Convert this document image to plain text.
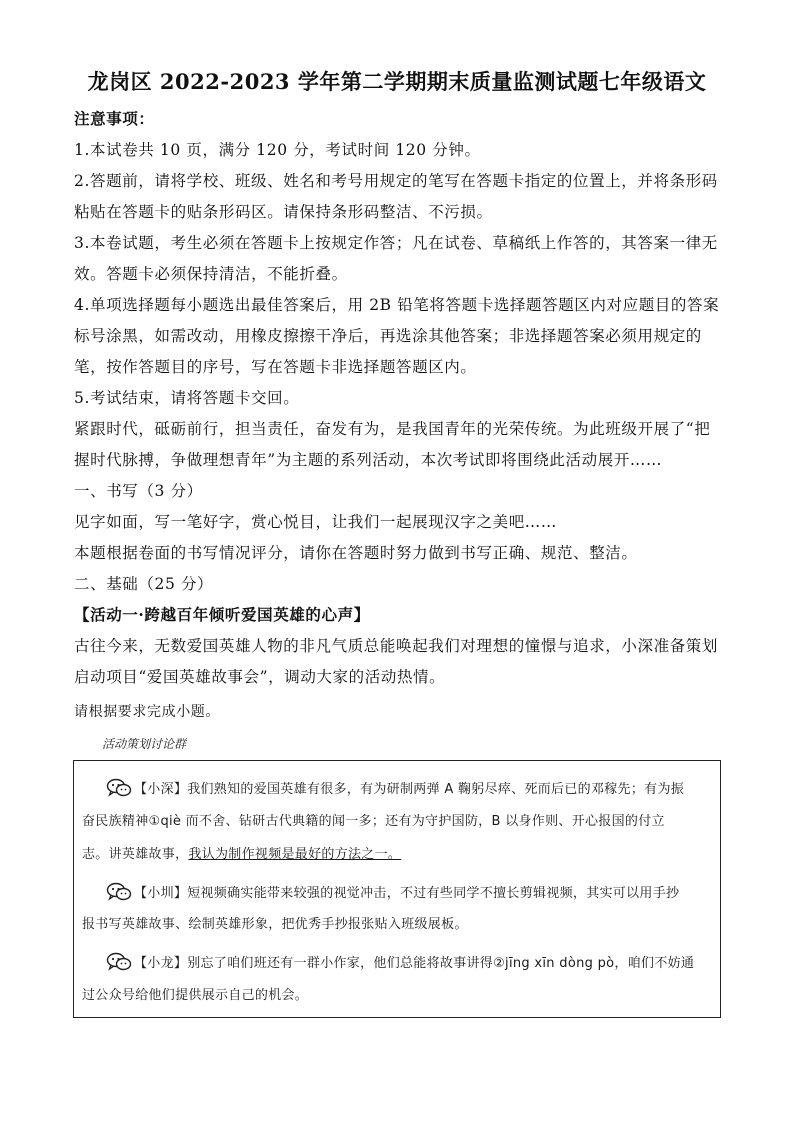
龙岗区 2022-2023 学年第二学期期末质量监测试题七年级语文
注意事项：
1.本试卷共 10 页，满分 120 分，考试时间 120 分钟。
2.答题前，请将学校、班级、姓名和考号用规定的笔写在答题卡指定的位置上，并将条形码
粘贴在答题卡的贴条形码区。请保持条形码整洁、不污损。
3.本卷试题，考生必须在答题卡上按规定作答；凡在试卷、草稿纸上作答的，其答案一律无
效。答题卡必须保持清洁，不能折叠。
4.单项选择题每小题选出最佳答案后，用 2B 铅笔将答题卡选择题答题区内对应题目的答案
标号涂黑，如需改动，用橡皮擦擦干净后，再选涂其他答案；非选择题答案必须用规定的
笔，按作答题目的序号，写在答题卡非选择题答题区内。
5.考试结束，请将答题卡交回。
紧跟时代，砥砺前行，担当责任，奋发有为，是我国青年的光荣传统。为此班级开展了“把
握时代脉搏，争做理想青年”为主题的系列活动，本次考试即将围绕此活动展开……
一、书写（3 分）
见字如面，写一笔好字，赏心悦目，让我们一起展现汉字之美吧……
本题根据卷面的书写情况评分，请你在答题时努力做到书写正确、规范、整洁。
二、基础（25 分）
【活动一·跨越百年倾听爱国英雄的心声】
古往今来，无数爱国英雄人物的非凡气质总能唤起我们对理想的憧憬与追求，小深准备策划
启动项目“爱国英雄故事会”，调动大家的活动热情。
请根据要求完成小题。
活动策划讨论群
【小深】我们熟知的爱国英雄有很多，有为研制两弹 A 鞠躬尽瘁、死而后已的邓稼先；有为振
奋民族精神①qiè 而不舍、钻研古代典籍的闻一多；还有为守护国防，B 以身作则、开心报国的付立
志。讲英雄故事，我认为制作视频是最好的方法之一。
【小圳】短视频确实能带来较强的视觉冲击，不过有些同学不擅长剪辑视频，其实可以用手抄
报书写英雄故事、绘制英雄形象，把优秀手抄报张贴入班级展板。
【小龙】别忘了咱们班还有一群小作家，他们总能将故事讲得②jīng xīn dòng pò，咱们不妨通
过公众号给他们提供展示自己的机会。
